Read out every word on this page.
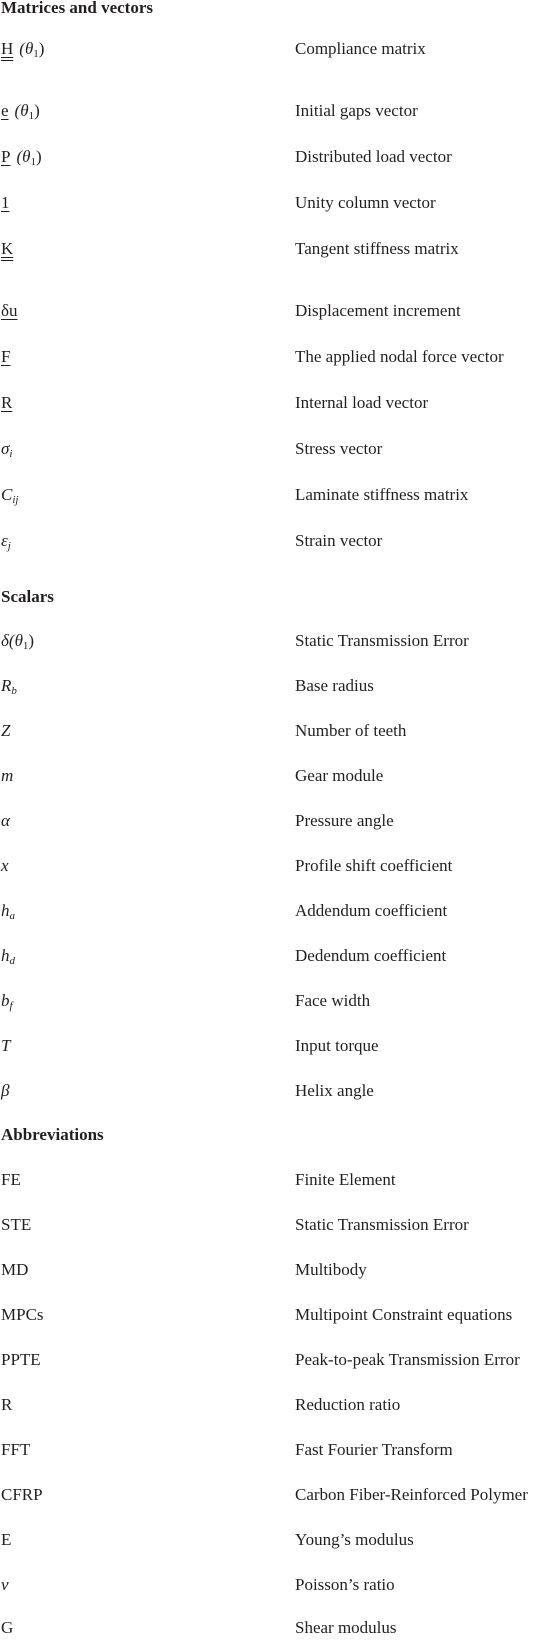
Matrices and vectors
H $(\theta_1)$	Compliance matrix
e $(\theta_1)$	Initial gaps vector
P $(\theta_1)$	Distributed load vector
1	Unity column vector
K	Tangent stiffness matrix
δu	Displacement increment
F	The applied nodal force vector
R	Internal load vector
$\sigma_i$	Stress vector
$C_{ij}$	Laminate stiffness matrix
$\varepsilon_j$	Strain vector
Scalars
$\delta(\theta_1)$	Static Transmission Error
$R_b$	Base radius
Z	Number of teeth
m	Gear module
α	Pressure angle
x	Profile shift coefficient
$h_a$	Addendum coefficient
$h_d$	Dedendum coefficient
$b_f$	Face width
T	Input torque
β	Helix angle
Abbreviations
FE	Finite Element
STE	Static Transmission Error
MD	Multibody
MPCs	Multipoint Constraint equations
PPTE	Peak-to-peak Transmission Error
R	Reduction ratio
FFT	Fast Fourier Transform
CFRP	Carbon Fiber-Reinforced Polymer
E	Young’s modulus
ν	Poisson’s ratio
G	Shear modulus
